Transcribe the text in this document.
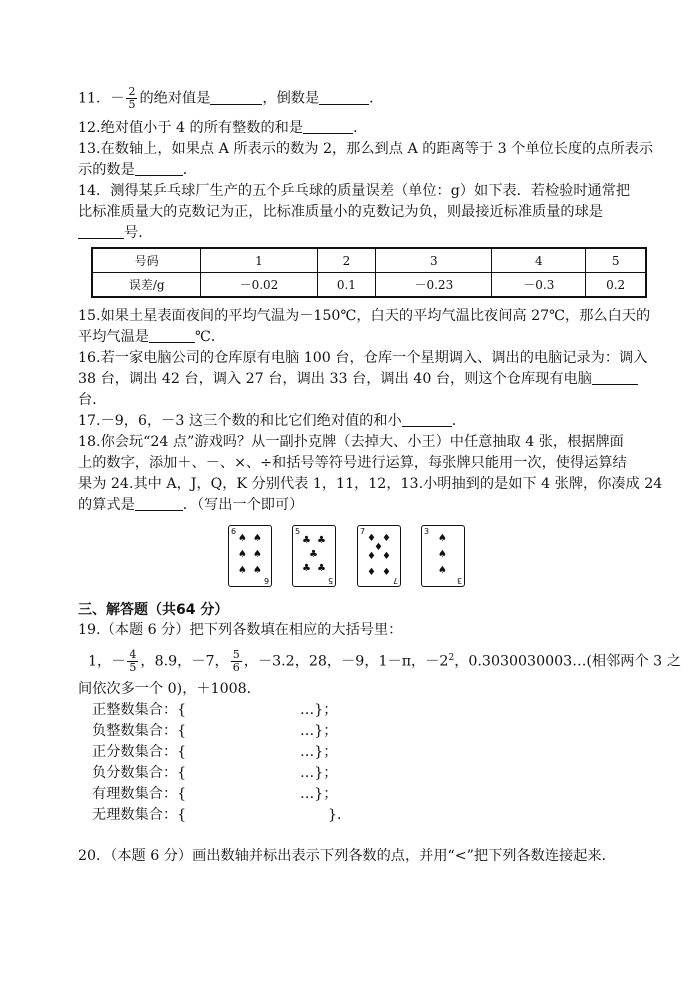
11．－ $\frac{2}{5}$ 的绝对值是	，倒数是	．
12.绝对值小于 4 的所有整数的和是	．
13.在数轴上，如果点 A 所表示的数为 2，那么到点 A 的距离等于 3 个单位长度的点所表示
示的数是	．
14．测得某乒乓球厂生产的五个乒乓球的质量误差（单位：g）如下表．若检验时通常把
比标准质量大的克数记为正，比标准质量小的克数记为负，则最接近标准质量的球是
号．
号码	1	2	3	4	5
误差/g	－0.02	0.1	－0.23	－0.3	0.2
15.如果土星表面夜间的平均气温为－150℃，白天的平均气温比夜间高 27℃，那么白天的
平均气温是	℃．
16.若一家电脑公司的仓库原有电脑 100 台，仓库一个星期调入、调出的电脑记录为：调入
38 台，调出 42 台，调入 27 台，调出 33 台，调出 40 台，则这个仓库现有电脑
台．
17.－9，6，－3 这三个数的和比它们绝对值的和小	．
18.你会玩“24 点”游戏吗？从一副扑克牌（去掉大、小王）中任意抽取 4 张，根据牌面
上的数字，添加＋、－、×、÷和括号等符号进行运算，每张牌只能用一次，使得运算结
果为 24.其中 A，J，Q，K 分别代表 1，11，12，13.小明抽到的是如下 4 张牌，你凑成 24
的算式是	．（写出一个即可）
6
6
♠ ♠
♠ ♠
♠ ♠
5
5
♣ ♣
♣
♣ ♣
7
7
♦ ♦
♦
♦ ♦
♦ ♦
3
3
♠
♠
♠
三、解答题（共64 分）
19.（本题 6 分）把下列各数填在相应的大括号里：
1，－ $\frac{4}{5}$ ，8.9，－7， $\frac{5}{6}$ ，－3.2，28，－9，1－π，$-2^2$，0.3030030003…(相邻两个 3 之
间依次多一个 0)，＋1008．
正整数集合：{	…}；
负整数集合：{	…}；
正分数集合：{	…}；
负分数集合：{	…}；
有理数集合：{	…}；
无理数集合：{	}．
20．（本题 6 分）画出数轴并标出表示下列各数的点，并用“<”把下列各数连接起来．
